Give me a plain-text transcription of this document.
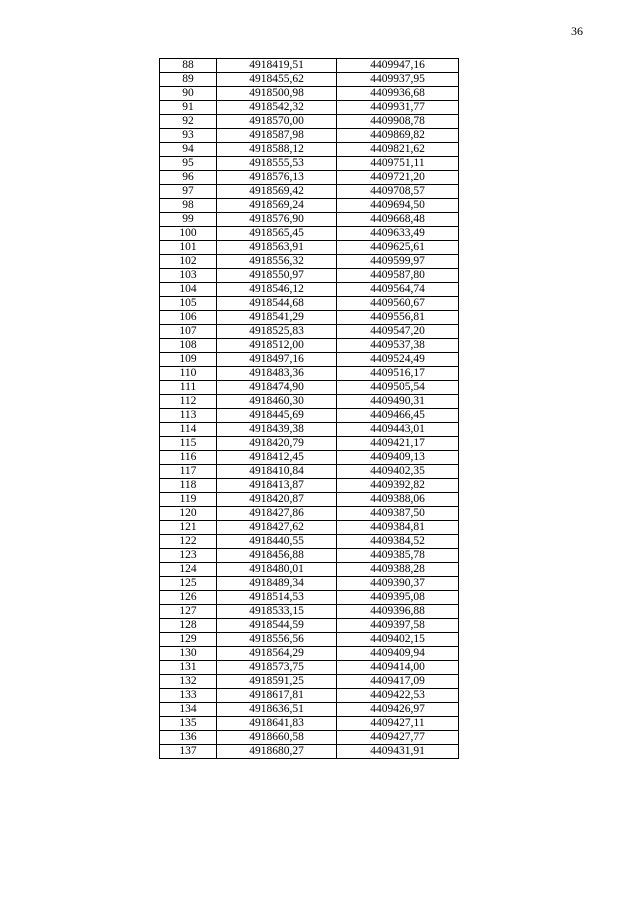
36
88	4918419,51	4409947,16
89	4918455,62	4409937,95
90	4918500,98	4409936,68
91	4918542,32	4409931,77
92	4918570,00	4409908,78
93	4918587,98	4409869,82
94	4918588,12	4409821,62
95	4918555,53	4409751,11
96	4918576,13	4409721,20
97	4918569,42	4409708,57
98	4918569,24	4409694,50
99	4918576,90	4409668,48
100	4918565,45	4409633,49
101	4918563,91	4409625,61
102	4918556,32	4409599,97
103	4918550,97	4409587,80
104	4918546,12	4409564,74
105	4918544,68	4409560,67
106	4918541,29	4409556,81
107	4918525,83	4409547,20
108	4918512,00	4409537,38
109	4918497,16	4409524,49
110	4918483,36	4409516,17
111	4918474,90	4409505,54
112	4918460,30	4409490,31
113	4918445,69	4409466,45
114	4918439,38	4409443,01
115	4918420,79	4409421,17
116	4918412,45	4409409,13
117	4918410,84	4409402,35
118	4918413,87	4409392,82
119	4918420,87	4409388,06
120	4918427,86	4409387,50
121	4918427,62	4409384,81
122	4918440,55	4409384,52
123	4918456,88	4409385,78
124	4918480,01	4409388,28
125	4918489,34	4409390,37
126	4918514,53	4409395,08
127	4918533,15	4409396,88
128	4918544,59	4409397,58
129	4918556,56	4409402,15
130	4918564,29	4409409,94
131	4918573,75	4409414,00
132	4918591,25	4409417,09
133	4918617,81	4409422,53
134	4918636,51	4409426,97
135	4918641,83	4409427,11
136	4918660,58	4409427,77
137	4918680,27	4409431,91
